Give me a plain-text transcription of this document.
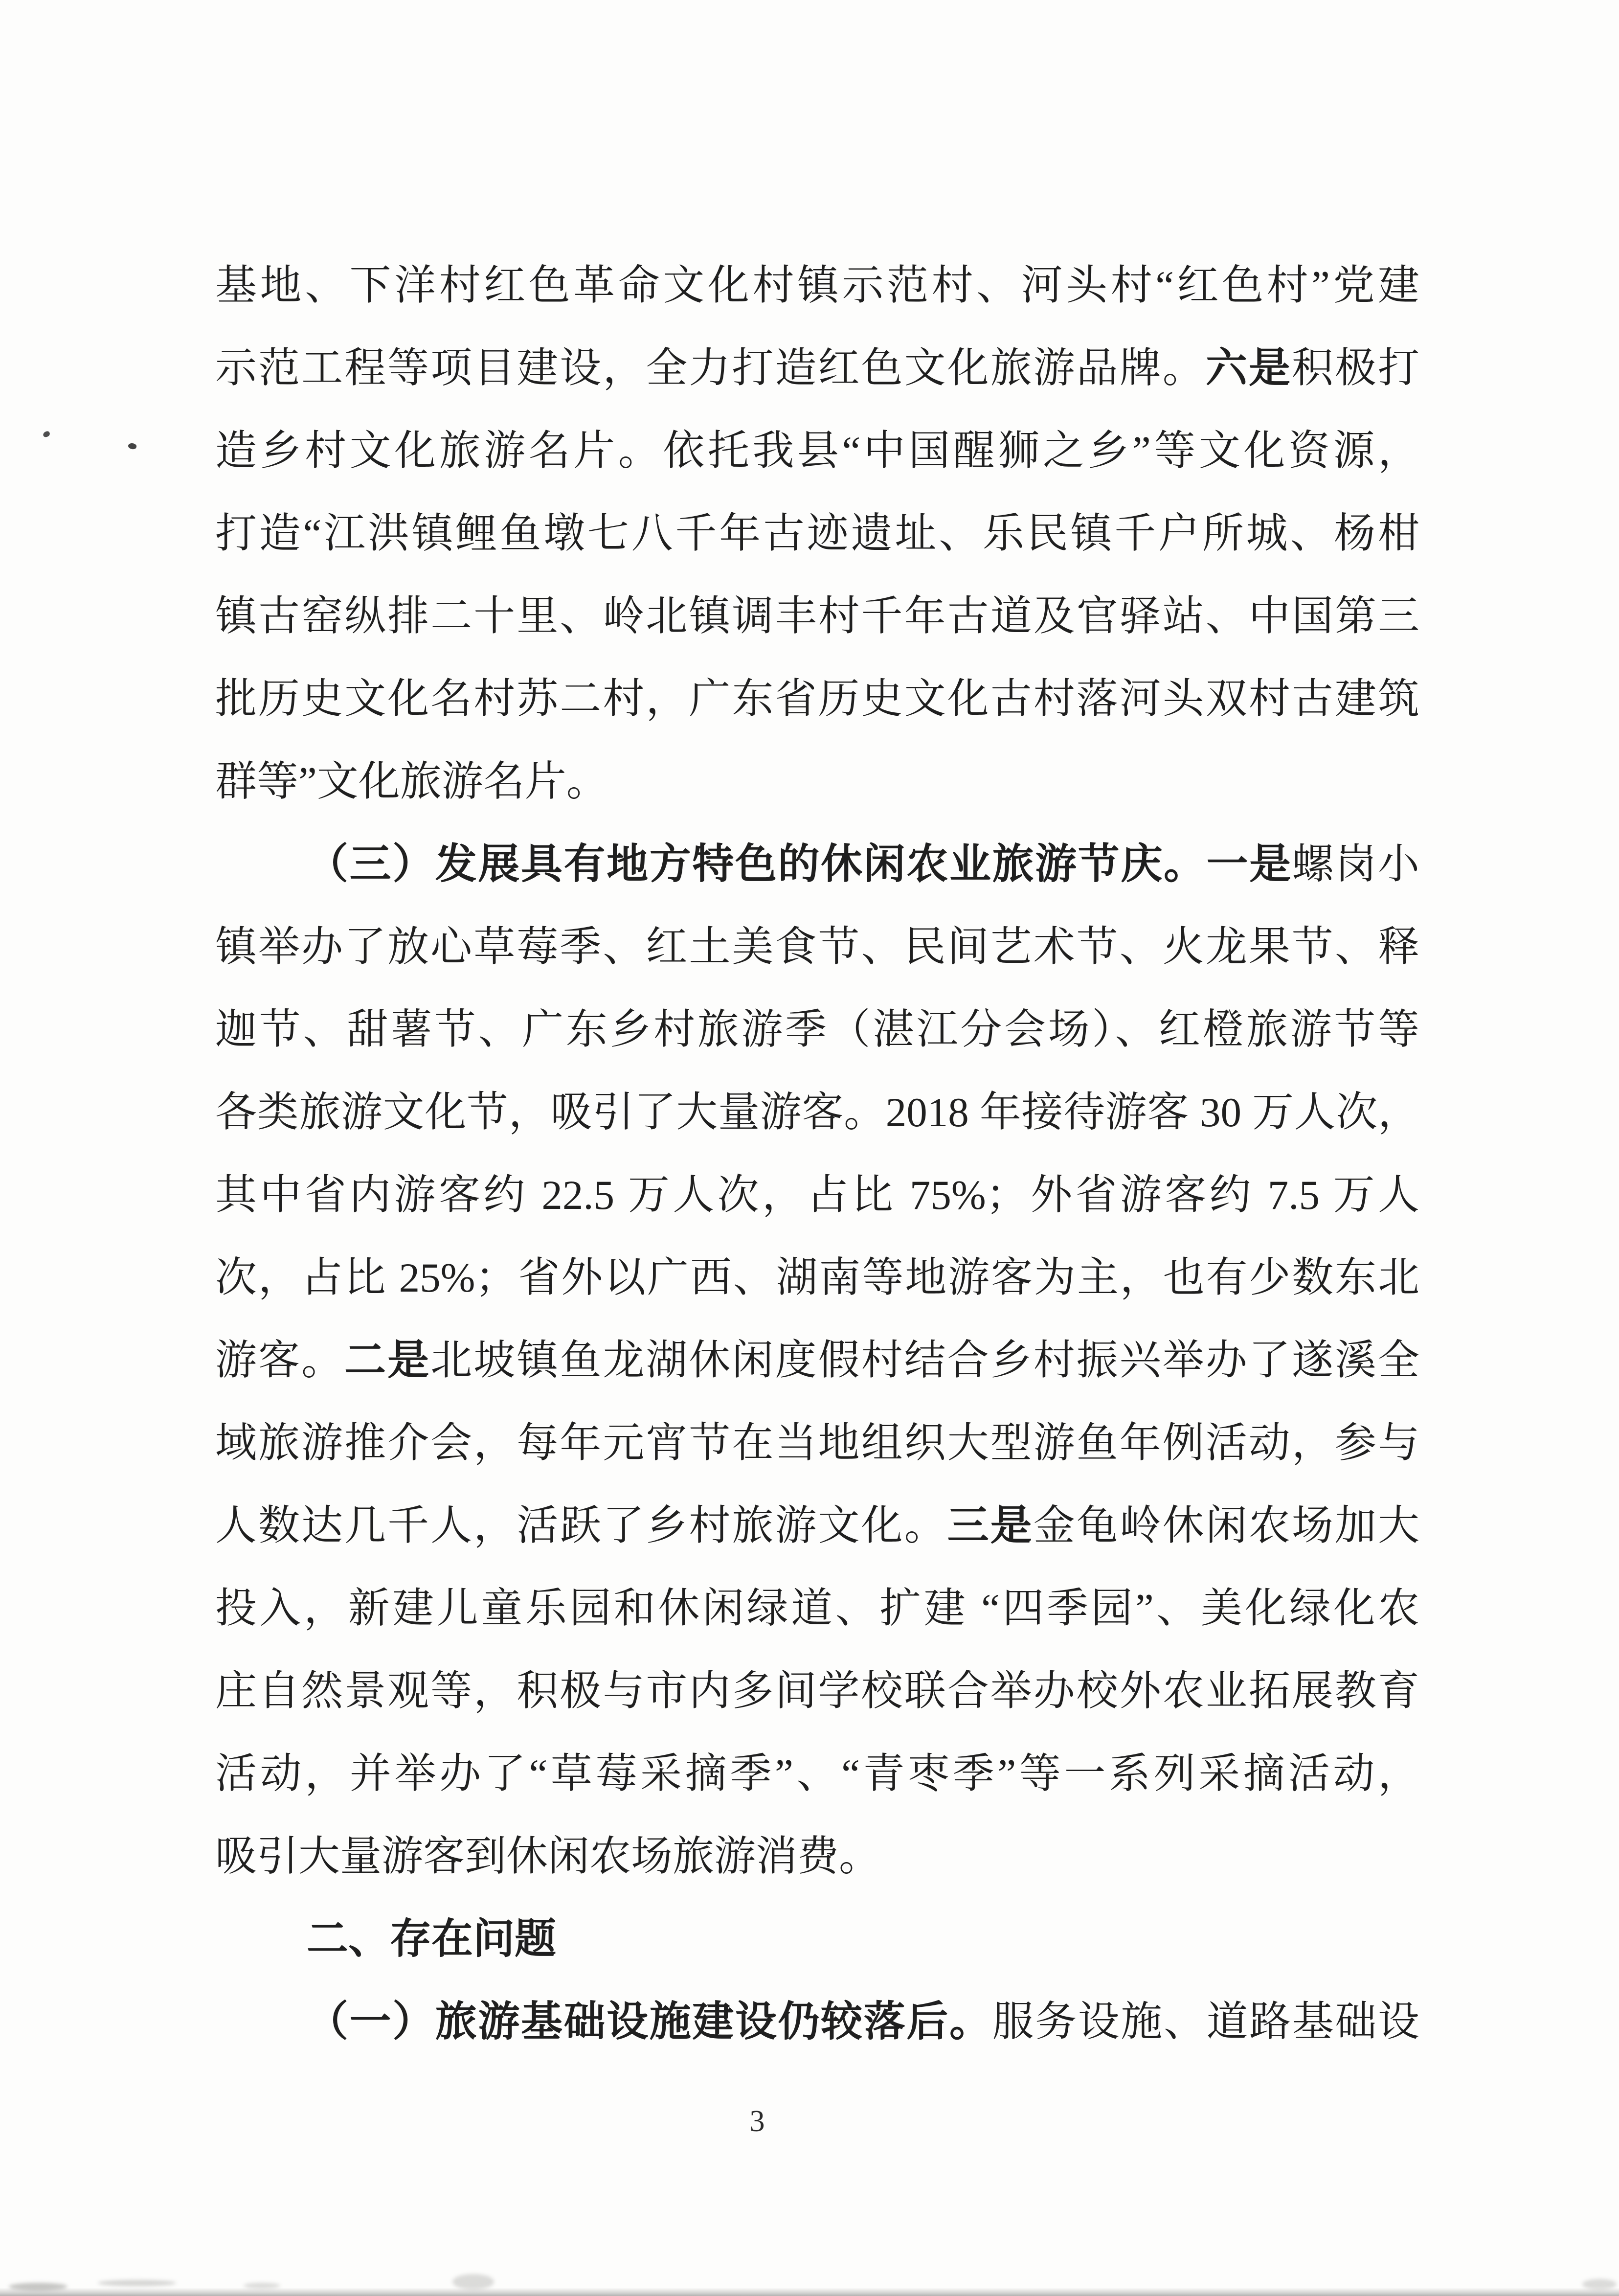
基地、下洋村红色革命文化村镇示范村、河头村“红色村”党建
示范工程等项目建设，全力打造红色文化旅游品牌。六是积极打
造乡村文化旅游名片。依托我县“中国醒狮之乡”等文化资源，
打造“江洪镇鲤鱼墩七八千年古迹遗址、乐民镇千户所城、杨柑
镇古窑纵排二十里、岭北镇调丰村千年古道及官驿站、中国第三
批历史文化名村苏二村，广东省历史文化古村落河头双村古建筑
群等”文化旅游名片。
（三）发展具有地方特色的休闲农业旅游节庆。一是螺岗小
镇举办了放心草莓季、红土美食节、民间艺术节、火龙果节、释
迦节、甜薯节、广东乡村旅游季（湛江分会场）、红橙旅游节等
各类旅游文化节，吸引了大量游客。2018 年接待游客 30 万人次，
其中省内游客约 22.5 万人次，占比 75%；外省游客约 7.5 万人
次，占比 25%；省外以广西、湖南等地游客为主，也有少数东北
游客。二是北坡镇鱼龙湖休闲度假村结合乡村振兴举办了遂溪全
域旅游推介会，每年元宵节在当地组织大型游鱼年例活动，参与
人数达几千人，活跃了乡村旅游文化。三是金龟岭休闲农场加大
投入，新建儿童乐园和休闲绿道、扩建 “四季园”、美化绿化农
庄自然景观等，积极与市内多间学校联合举办校外农业拓展教育
活动，并举办了“草莓采摘季”、“青枣季”等一系列采摘活动，
吸引大量游客到休闲农场旅游消费。
二、存在问题
（一）旅游基础设施建设仍较落后。服务设施、道路基础设
3
